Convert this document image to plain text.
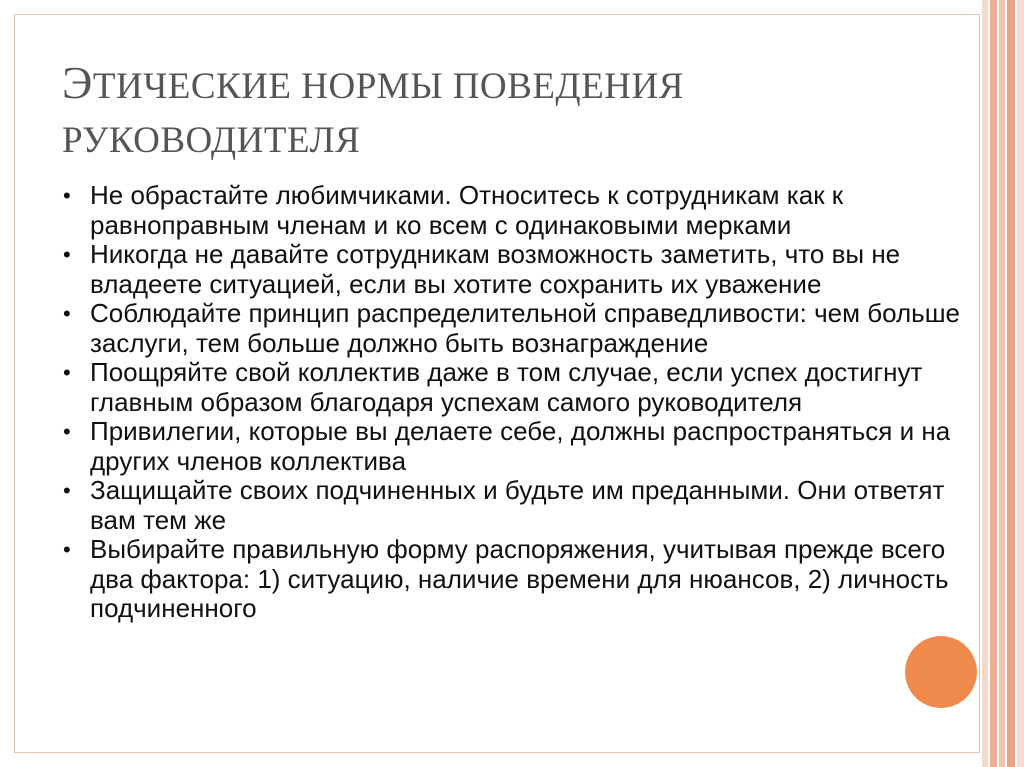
ЭТИЧЕСКИЕ НОРМЫ ПОВЕДЕНИЯ РУКОВОДИТЕЛЯ
• Не обрастайте любимчиками. Относитесь к сотрудникам как к равноправным членам и ко всем с одинаковыми мерками
• Никогда не давайте сотрудникам возможность заметить, что вы не владеете ситуацией, если вы хотите сохранить их уважение
• Соблюдайте принцип распределительной справедливости: чем больше заслуги, тем больше должно быть вознаграждение
• Поощряйте свой коллектив даже в том случае, если успех достигнут главным образом благодаря успехам самого руководителя
• Привилегии, которые вы делаете себе, должны распространяться и на других членов коллектива
• Защищайте своих подчиненных и будьте им преданными. Они ответят вам тем же
• Выбирайте правильную форму распоряжения, учитывая прежде всего два фактора: 1) ситуацию, наличие времени для нюансов, 2) личность подчиненного
